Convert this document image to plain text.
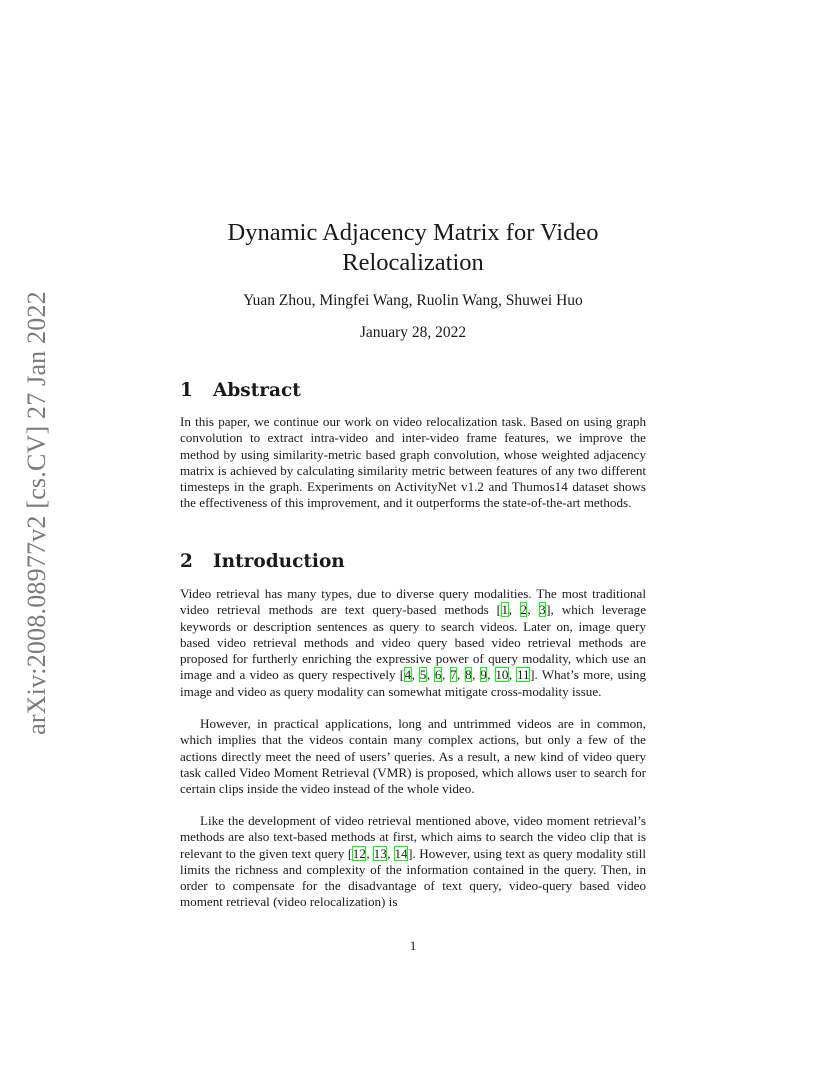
arXiv:2008.08977v2 [cs.CV] 27 Jan 2022
Dynamic Adjacency Matrix for Video Relocalization

Yuan Zhou, Mingfei Wang, Ruolin Wang, Shuwei Huo

January 28, 2022

1 Abstract

In this paper, we continue our work on video relocalization task. Based on using graph convolution to extract intra-video and inter-video frame features, we improve the method by using similarity-metric based graph convolution, whose weighted adjacency matrix is achieved by calculating similarity metric between features of any two different timesteps in the graph. Experiments on ActivityNet v1.2 and Thumos14 dataset shows the effectiveness of this improvement, and it outperforms the state-of-the-art methods.

2 Introduction

Video retrieval has many types, due to diverse query modalities. The most traditional video retrieval methods are text query-based methods [1, 2, 3], which leverage keywords or description sentences as query to search videos. Later on, image query based video retrieval methods and video query based video retrieval methods are proposed for furtherly enriching the expressive power of query modality, which use an image and a video as query respectively [4, 5, 6, 7, 8, 9, 10, 11]. What’s more, using image and video as query modality can somewhat mitigate cross-modality issue.

However, in practical applications, long and untrimmed videos are in common, which implies that the videos contain many complex actions, but only a few of the actions directly meet the need of users’ queries. As a result, a new kind of video query task called Video Moment Retrieval (VMR) is proposed, which allows user to search for certain clips inside the video instead of the whole video.

Like the development of video retrieval mentioned above, video moment retrieval’s methods are also text-based methods at first, which aims to search the video clip that is relevant to the given text query [12, 13, 14]. However, using text as query modality still limits the richness and complexity of the information contained in the query. Then, in order to compensate for the disadvantage of text query, video-query based video moment retrieval (video relocalization) is

1
